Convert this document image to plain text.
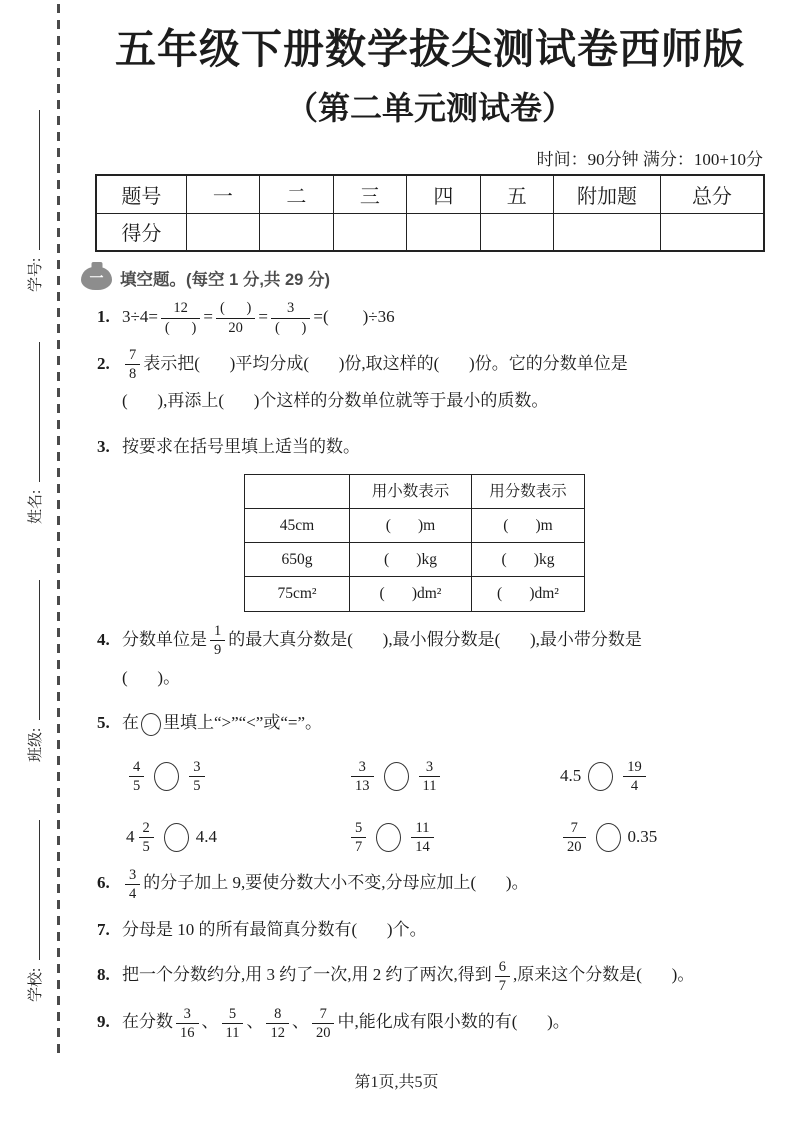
学号:
姓名:
班级:
学校:
五年级下册数学拔尖测试卷西师版
（第二单元测试卷）
时间：90分钟 满分：100+10分
题号	一	二	三	四	五	附加题	总分
得分							
一	填空题。(每空 1 分,共 29 分)
1. $3\div 4= \frac{12}{( )} = \frac{( )}{20} = \frac{3}{( )}$ =(        )÷36
2. $\frac{7}{8}$ 表示把(       )平均分成(       )份,取这样的(       )份。它的分数单位是
(       ),再添上(       )个这样的分数单位就等于最小的质数。
3. 按要求在括号里填上适当的数。
	用小数表示	用分数表示
45cm	(       )m	(       )m
650g	(       )kg	(       )kg
75cm²	(       )dm²	(       )dm²
4. 分数单位是 $\frac{1}{9}$ 的最大真分数是(       ),最小假分数是(       ),最小带分数是
(       )。
5. 在 里填上“>”“<”或“=”。
$\frac{4}{5}$	$\frac{3}{5}$	$\frac{3}{13}$	$\frac{3}{11}$	4.5	$\frac{19}{4}$
$4 \frac{2}{5} 4.4$	$\frac{5}{7}$	$\frac{11}{14}$	$\frac{7}{20} 0.35$
6. $\frac{3}{4}$ 的分子加上 9,要使分数大小不变,分母应加上(       )。
7. 分母是 10 的所有最简真分数有(       )个。
8. 把一个分数约分,用 3 约了一次,用 2 约了两次,得到 $\frac{6}{7}$ ,原来这个分数是(       )。
9. 在分数 $\frac{3}{16}$ 、 $\frac{5}{11}$ 、 $\frac{8}{12}$ 、 $\frac{7}{20}$ 中,能化成有限小数的有(       )。
第1页,共5页
